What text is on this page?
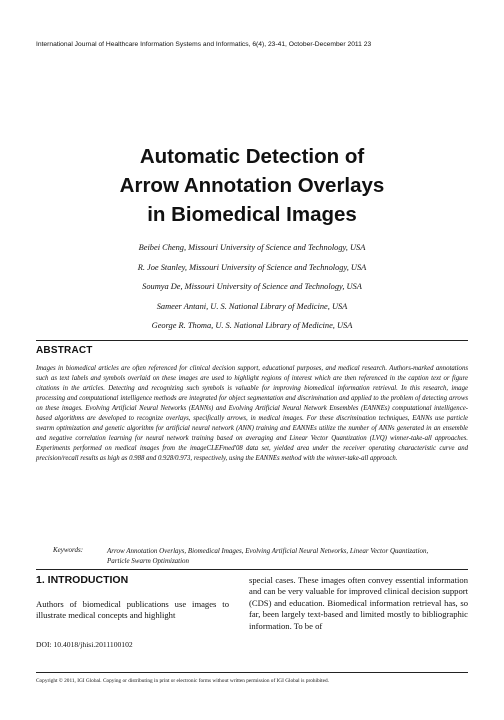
International Journal of Healthcare Information Systems and Informatics, 6(4), 23-41, October-December 2011 23
Automatic Detection of
Arrow Annotation Overlays
in Biomedical Images
Beibei Cheng, Missouri University of Science and Technology, USA
R. Joe Stanley, Missouri University of Science and Technology, USA
Soumya De, Missouri University of Science and Technology, USA
Sameer Antani, U. S. National Library of Medicine, USA
George R. Thoma, U. S. National Library of Medicine, USA
ABSTRACT

Images in biomedical articles are often referenced for clinical decision support, educational purposes, and medical research. Authors-marked annotations such as text labels and symbols overlaid on these images are used to highlight regions of interest which are then referenced in the caption text or figure citations in the articles. Detecting and recognizing such symbols is valuable for improving biomedical information retrieval. In this research, image processing and computational intelligence methods are integrated for object segmentation and discrimination and applied to the problem of detecting arrows on these images. Evolving Artificial Neural Networks (EANNs) and Evolving Artificial Neural Network Ensembles (EANNEs) computational intelligence-based algorithms are developed to recognize overlays, specifically arrows, in medical images. For these discrimination techniques, EANNs use particle swarm optimization and genetic algorithm for artificial neural network (ANN) training and EANNEs utilize the number of ANNs generated in an ensemble and negative correlation learning for neural network training based on averaging and Linear Vector Quantization (LVQ) winner-take-all approaches. Experiments performed on medical images from the imageCLEFmed'08 data set, yielded area under the receiver operating characteristic curve and precision/recall results as high as 0.988 and 0.928/0.973, respectively, using the EANNEs method with the winner-take-all approach.

Keywords:	Arrow Annotation Overlays, Biomedical Images, Evolving Artificial Neural Networks, Linear Vector Quantization, Particle Swarm Optimization
1. INTRODUCTION

Authors of biomedical publications use images to illustrate medical concepts and highlight

DOI: 10.4018/jhisi.2011100102

special cases. These images often convey essential information and can be very valuable for improved clinical decision support (CDS) and education. Biomedical information retrieval has, so far, been largely text-based and limited mostly to bibliographic information. To be of

Copyright © 2011, IGI Global. Copying or distributing in print or electronic forms without written permission of IGI Global is prohibited.
